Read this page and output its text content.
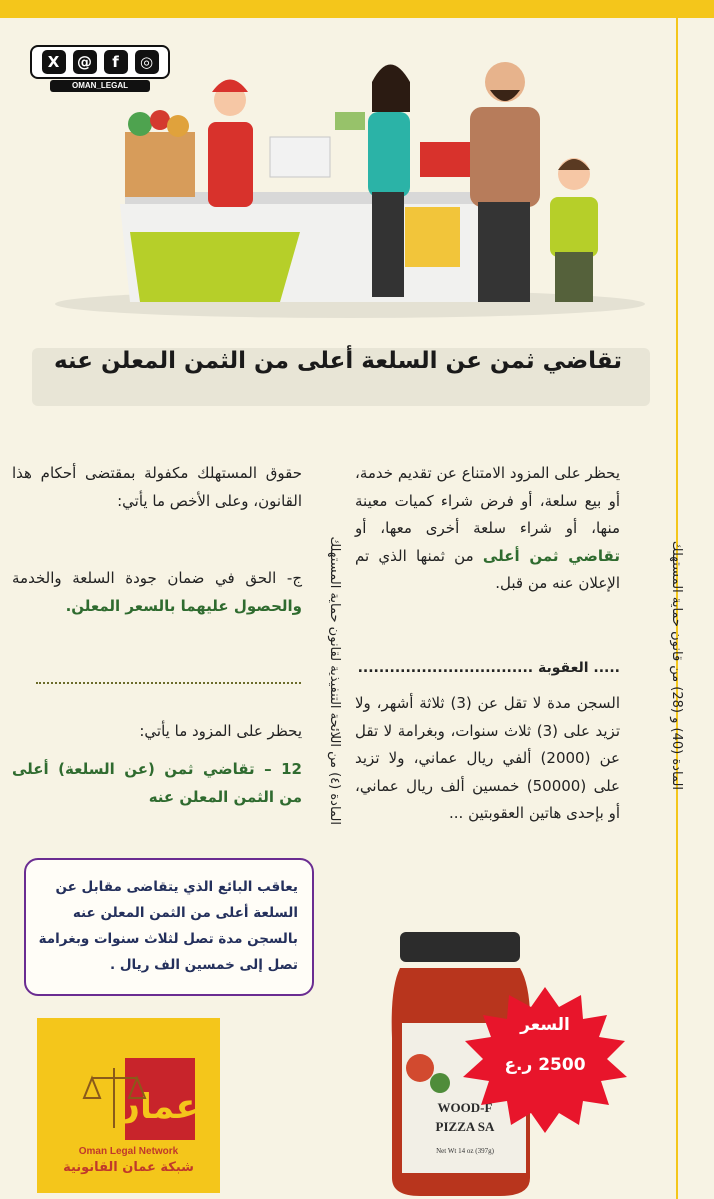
X	@	f	◎
OMAN_LEGAL
تقاضي ثمن عن السلعة أعلى من الثمن المعلن عنه
المادة (40) و (28) من قانون حماية المستهلك
المادة (٤) من اللائحة التنفيذية لقانون حماية المستهلك
يحظر على المزود الامتناع عن تقديم خدمة، أو بيع سلعة، أو فرض شراء كميات معينة منها، أو شراء سلعة أخرى معها، أو تقاضي ثمن أعلى من ثمنها الذي تم الإعلان عنه من قبل.
..... العقوبة .................................
السجن مدة لا تقل عن (3) ثلاثة أشهر، ولا تزيد على (3) ثلاث سنوات، وبغرامة لا تقل عن (2000) ألفي ريال عماني، ولا تزيد على (50000) خمسين ألف ريال عماني، أو بإحدى هاتين العقوبتين ...
حقوق المستهلك مكفولة بمقتضى أحكام هذا القانون، وعلى الأخص ما يأتي:
ج- الحق في ضمان جودة السلعة والخدمة والحصول عليهما بالسعر المعلن.
يحظر على المزود ما يأتي:
12 – تقاضي ثمن (عن السلعة) أعلى من الثمن المعلن عنه
يعاقب البائع الذي يتقاضى مقابل عن السلعة أعلى من الثمن المعلن عنه بالسجن مدة تصل لثلاث سنوات وبغرامة تصل إلى خمسين الف ريال .
عمان
Oman Legal Network
شبكة عمان القانونية
WOOD-F
PIZZA SA
Net Wt 14 oz (397g)
السعر
2500 ر.ع
